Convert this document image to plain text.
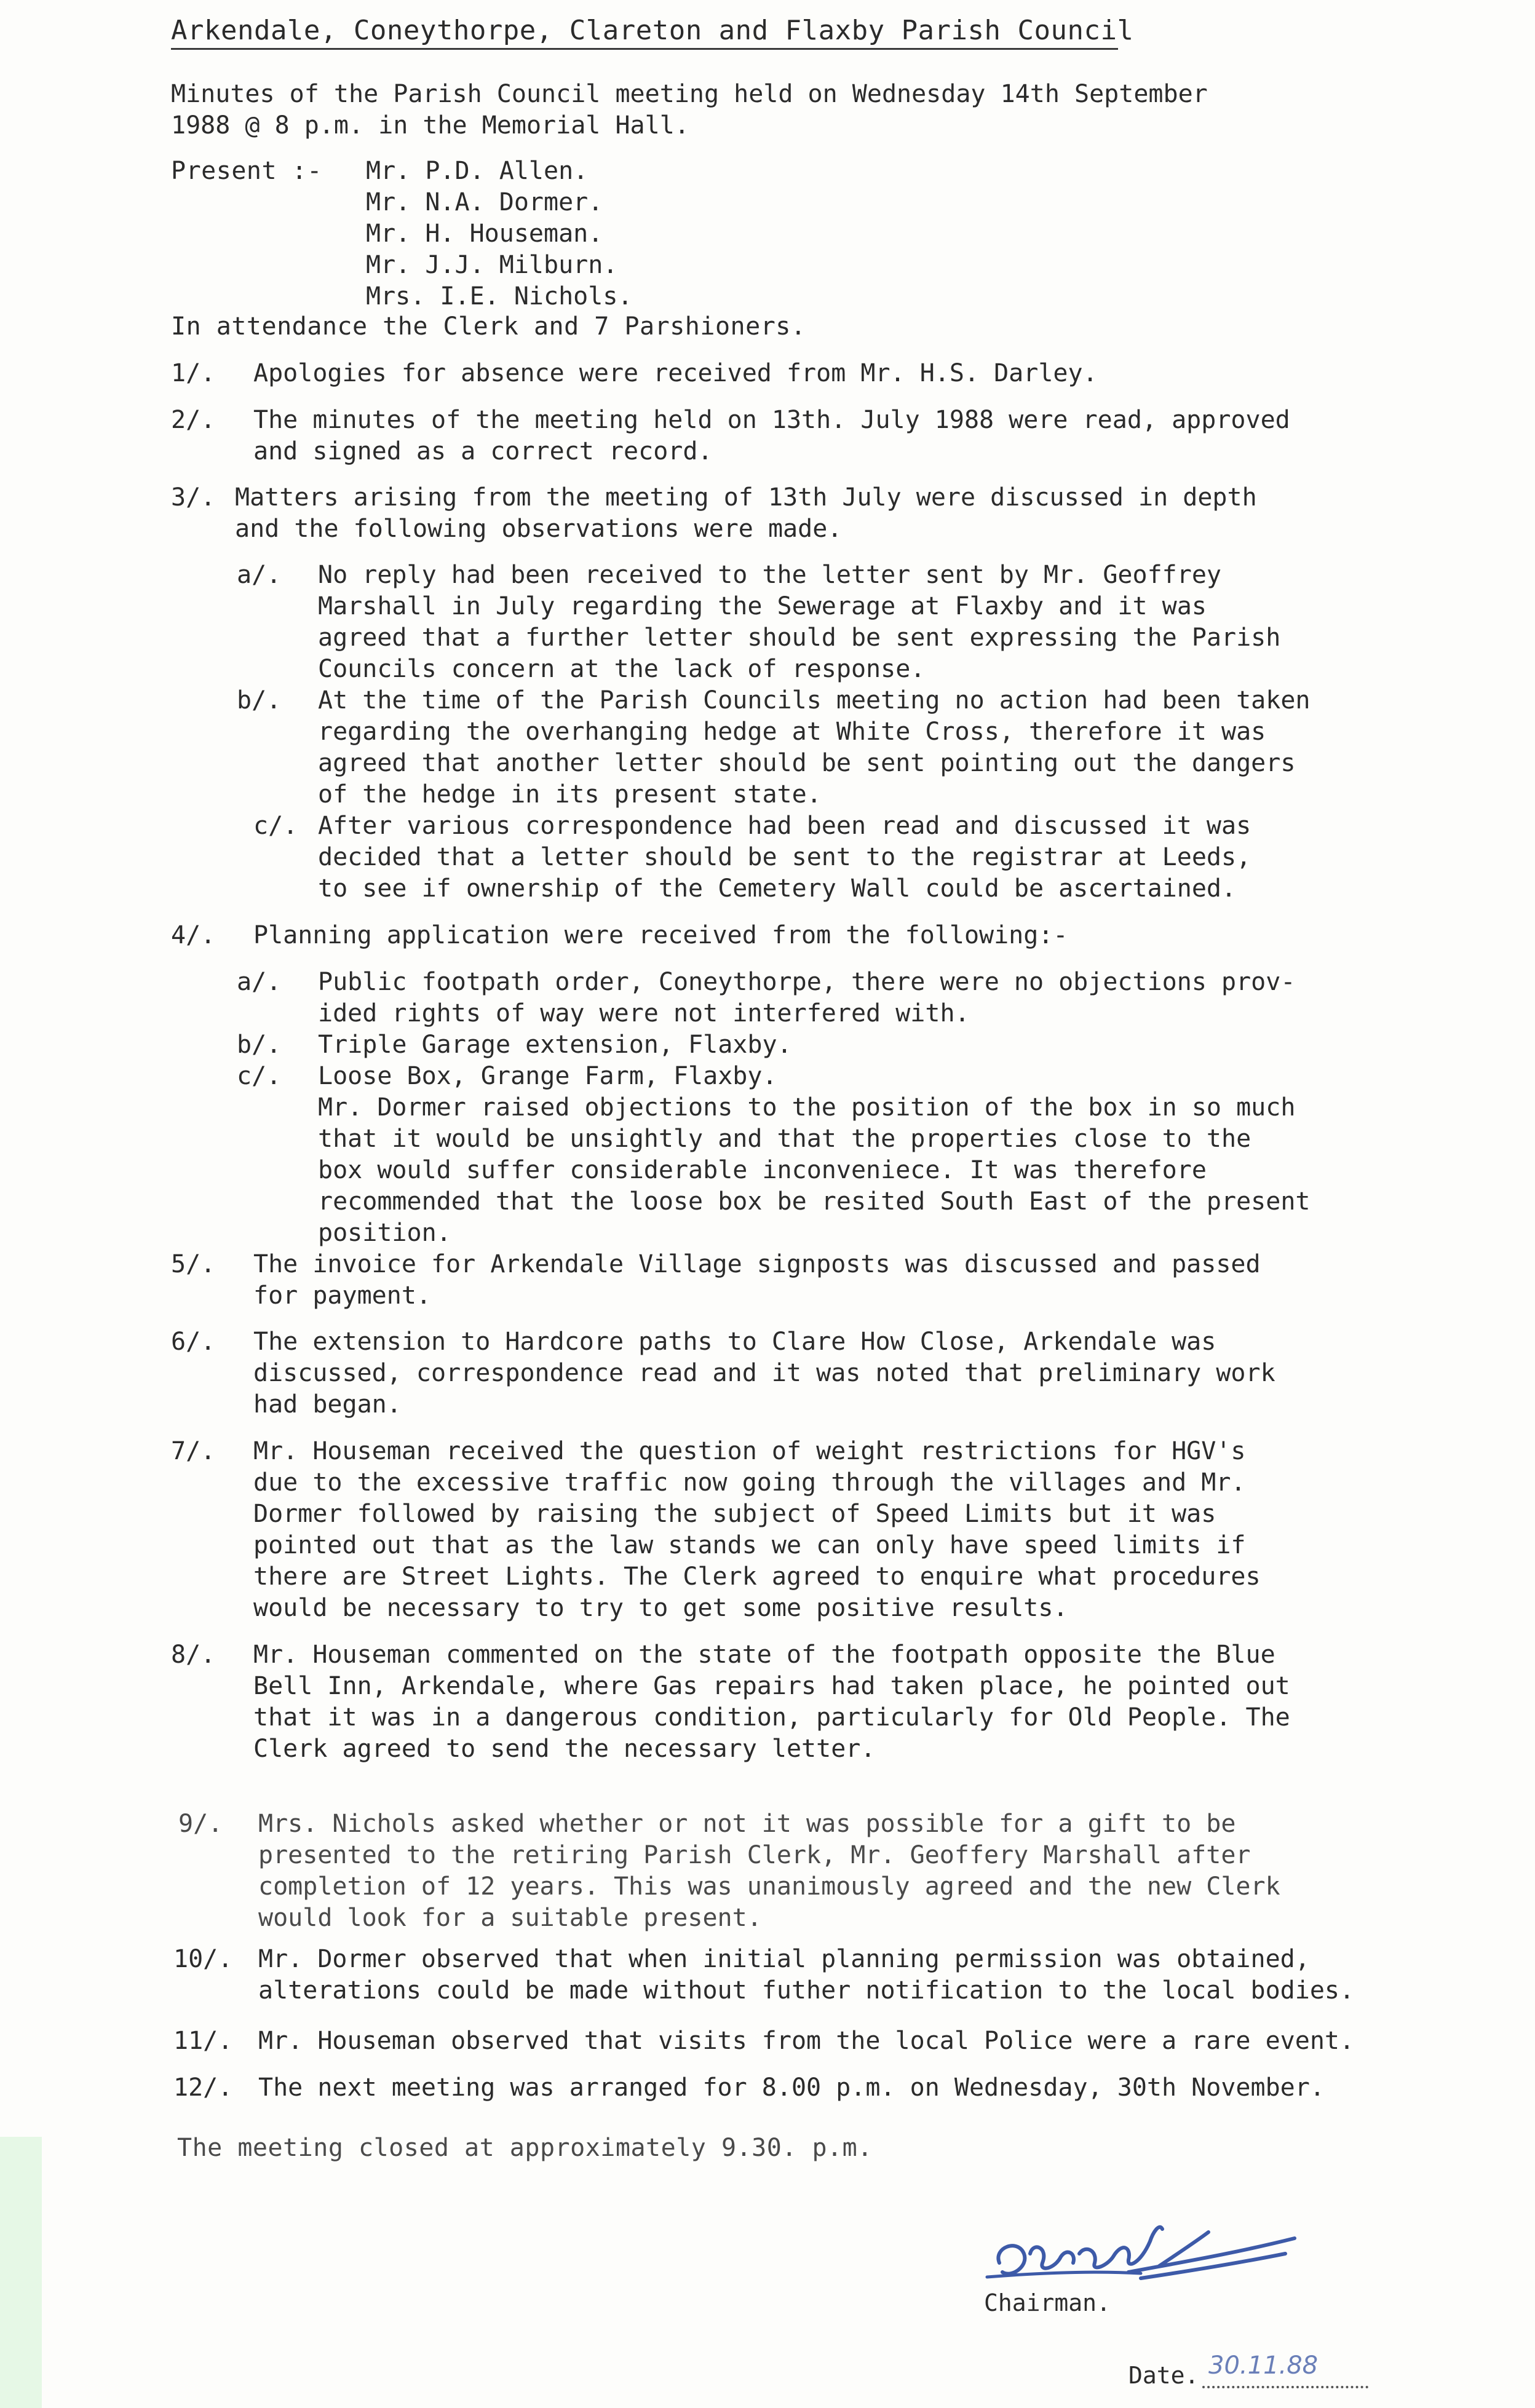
Arkendale, Coneythorpe, Clareton and Flaxby Parish Council
Minutes of the Parish Council meeting held on Wednesday 14th September
1988 @ 8 p.m. in the Memorial Hall.
Present :- Mr. P.D. Allen.
Mr. N.A. Dormer.
Mr. H. Houseman.
Mr. J.J. Milburn.
Mrs. I.E. Nichols.
In attendance the Clerk and 7 Parshioners.
1/. Apologies for absence were received from Mr. H.S. Darley.
2/. The minutes of the meeting held on 13th. July 1988 were read, approved
and signed as a correct record.
3/. Matters arising from the meeting of 13th July were discussed in depth
and the following observations were made.
a/. No reply had been received to the letter sent by Mr. Geoffrey
Marshall in July regarding the Sewerage at Flaxby and it was
agreed that a further letter should be sent expressing the Parish
Councils concern at the lack of response.
b/. At the time of the Parish Councils meeting no action had been taken
regarding the overhanging hedge at White Cross, therefore it was
agreed that another letter should be sent pointing out the dangers
of the hedge in its present state.
c/. After various correspondence had been read and discussed it was
decided that a letter should be sent to the registrar at Leeds,
to see if ownership of the Cemetery Wall could be ascertained.
4/. Planning application were received from the following:-
a/. Public footpath order, Coneythorpe, there were no objections prov-
ided rights of way were not interfered with.
b/. Triple Garage extension, Flaxby.
c/. Loose Box, Grange Farm, Flaxby.
Mr. Dormer raised objections to the position of the box in so much
that it would be unsightly and that the properties close to the
box would suffer considerable inconveniece. It was therefore
recommended that the loose box be resited South East of the present
position.
5/. The invoice for Arkendale Village signposts was discussed and passed
for payment.
6/. The extension to Hardcore paths to Clare How Close, Arkendale was
discussed, correspondence read and it was noted that preliminary work
had began.
7/. Mr. Houseman received the question of weight restrictions for HGV's
due to the excessive traffic now going through the villages and Mr.
Dormer followed by raising the subject of Speed Limits but it was
pointed out that as the law stands we can only have speed limits if
there are Street Lights. The Clerk agreed to enquire what procedures
would be necessary to try to get some positive results.
8/. Mr. Houseman commented on the state of the footpath opposite the Blue
Bell Inn, Arkendale, where Gas repairs had taken place, he pointed out
that it was in a dangerous condition, particularly for Old People. The
Clerk agreed to send the necessary letter.
9/. Mrs. Nichols asked whether or not it was possible for a gift to be
presented to the retiring Parish Clerk, Mr. Geoffery Marshall after
completion of 12 years. This was unanimously agreed and the new Clerk
would look for a suitable present.
10/. Mr. Dormer observed that when initial planning permission was obtained,
alterations could be made without futher notification to the local bodies.
11/. Mr. Houseman observed that visits from the local Police were a rare event.
12/. The next meeting was arranged for 8.00 p.m. on Wednesday, 30th November.
The meeting closed at approximately 9.30. p.m.
Chairman.
Date. 30.11.88
